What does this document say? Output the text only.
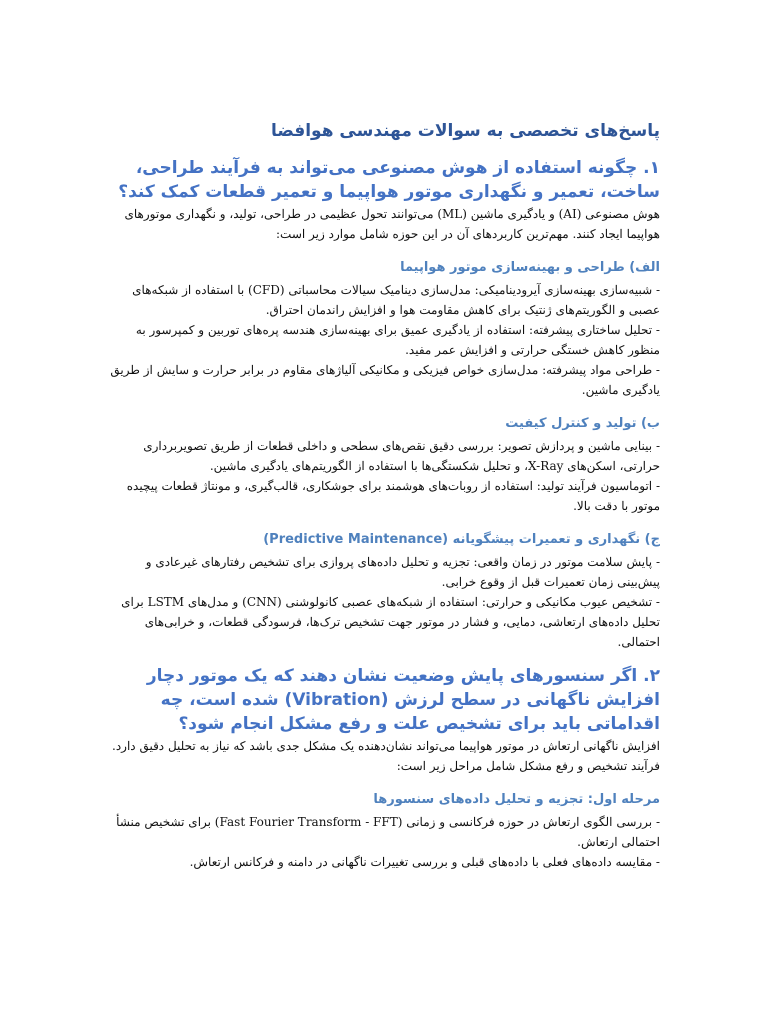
پاسخ‌های تخصصی به سوالات مهندسی هوافضا
۱. چگونه استفاده از هوش مصنوعی می‌تواند به فرآیند طراحی، ساخت، تعمیر و نگهداری موتور هواپیما و تعمیر قطعات کمک کند؟

هوش مصنوعی (AI) و یادگیری ماشین (ML) می‌توانند تحول عظیمی در طراحی، تولید، و نگهداری موتورهای هواپیما ایجاد کنند. مهم‌ترین کاربردهای آن در این حوزه شامل موارد زیر است:

الف) طراحی و بهینه‌سازی موتور هواپیما

- شبیه‌سازی بهینه‌سازی آیرودینامیکی: مدل‌سازی دینامیک سیالات محاسباتی (CFD) با استفاده از شبکه‌های عصبی و الگوریتم‌های ژنتیک برای کاهش مقاومت هوا و افزایش راندمان احتراق.

- تحلیل ساختاری پیشرفته: استفاده از یادگیری عمیق برای بهینه‌سازی هندسه پره‌های توربین و کمپرسور به منظور کاهش خستگی حرارتی و افزایش عمر مفید.

- طراحی مواد پیشرفته: مدل‌سازی خواص فیزیکی و مکانیکی آلیاژهای مقاوم در برابر حرارت و سایش از طریق یادگیری ماشین.

ب) تولید و کنترل کیفیت

- بینایی ماشین و پردازش تصویر: بررسی دقیق نقص‌های سطحی و داخلی قطعات از طریق تصویربرداری حرارتی، اسکن‌های X-Ray، و تحلیل شکستگی‌ها با استفاده از الگوریتم‌های یادگیری ماشین.

- اتوماسیون فرآیند تولید: استفاده از روبات‌های هوشمند برای جوشکاری، قالب‌گیری، و مونتاژ قطعات پیچیده موتور با دقت بالا.

ج) نگهداری و تعمیرات پیشگویانه (Predictive Maintenance)

- پایش سلامت موتور در زمان واقعی: تجزیه و تحلیل داده‌های پروازی برای تشخیص رفتارهای غیرعادی و پیش‌بینی زمان تعمیرات قبل از وقوع خرابی.

- تشخیص عیوب مکانیکی و حرارتی: استفاده از شبکه‌های عصبی کانولوشنی (CNN) و مدل‌های LSTM برای تحلیل داده‌های ارتعاشی، دمایی، و فشار در موتور جهت تشخیص ترک‌ها، فرسودگی قطعات، و خرابی‌های احتمالی.

۲. اگر سنسورهای پایش وضعیت نشان دهند که یک موتور دچار افزایش ناگهانی در سطح لرزش (Vibration) شده است، چه اقداماتی باید برای تشخیص علت و رفع مشکل انجام شود؟

افزایش ناگهانی ارتعاش در موتور هواپیما می‌تواند نشان‌دهنده یک مشکل جدی باشد که نیاز به تحلیل دقیق دارد. فرآیند تشخیص و رفع مشکل شامل مراحل زیر است:

مرحله اول: تجزیه و تحلیل داده‌های سنسورها

- بررسی الگوی ارتعاش در حوزه فرکانسی و زمانی (Fast Fourier Transform - FFT) برای تشخیص منشأ احتمالی ارتعاش.

- مقایسه داده‌های فعلی با داده‌های قبلی و بررسی تغییرات ناگهانی در دامنه و فرکانس ارتعاش.
